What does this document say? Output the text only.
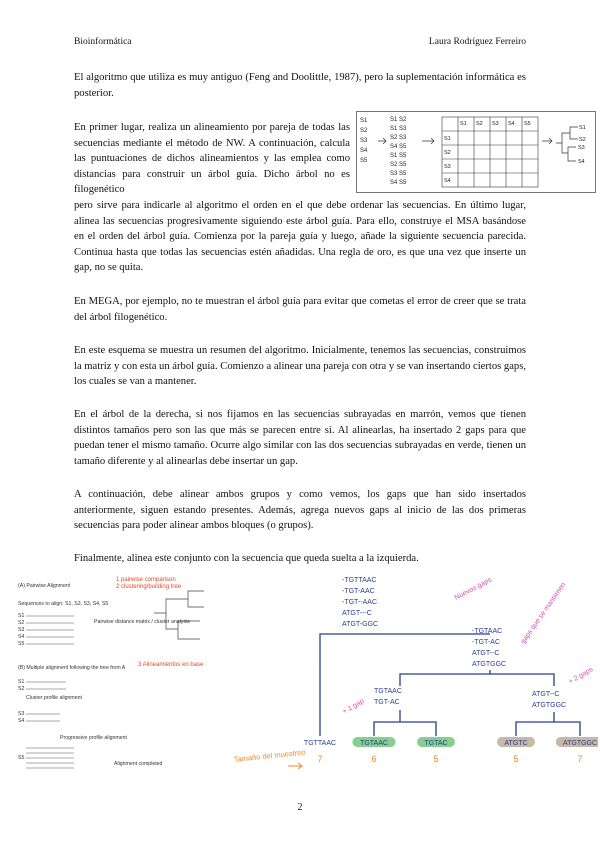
Bioinformática	Laura Rodríguez Ferreiro

El algoritmo que utiliza es muy antiguo (Feng and Doolittle, 1987), pero la suplementación informática es posterior.

En primer lugar, realiza un alineamiento por pareja de todas las secuencias mediante el método de NW. A continuación, calcula las puntuaciones de dichos alineamientos y las emplea como distancias para construir un árbol guía. Dicho árbol no es filogenético

pero sirve para indicarle al algoritmo el orden en el que debe ordenar las secuencias. En último lugar, alinea las secuencias progresivamente siguiendo este árbol guía. Para ello, construye el MSA basándose en el orden del árbol guía. Comienza por la pareja guía y luego, añade la siguiente secuencia parecida. Continua hasta que todas las secuencias estén añadidas. Una regla de oro, es que una vez que inserte un gap, no se quita.

En MEGA, por ejemplo, no te muestran el árbol guía para evitar que cometas el error de creer que se trata del árbol filogenético.

En este esquema se muestra un resumen del algoritmo. Inicialmente, tenemos las secuencias, construimos la matriz y con esta un árbol guía. Comienzo a alinear una pareja con otra y se van insertando ciertos gaps, los cuales se van a mantener.

En el árbol de la derecha, si nos fijamos en las secuencias subrayadas en marrón, vemos que tienen distintos tamaños pero son las que más se parecen entre sí. Al alinearlas, ha insertado 2 gaps para que puedan tener el mismo tamaño. Ocurre algo similar con las dos secuencias subrayadas en verde, tienen un tamaño diferente y al alinearlas debe insertar un gap.

A continuación, debe alinear ambos grupos y como vemos, los gaps que han sido insertados anteriormente, siguen estando presentes. Además, agrega nuevos gaps al inicio de las dos primeras secuencias para poder alinear ambos bloques (o grupos).

Finalmente, alinea este conjunto con la secuencia que queda suelta a la izquierda.

S1
S2
S3
S4
S5
S1 S2
S1 S3
S2 S3
S4 S5
S1 S5
S2 S5
S3 S5
S4 S5
S1 S2 S3 S4 S5
S1
S2
S3
S4
S1
S2
S3
S4
(A) Pairwise Alignment
Sequences to align: S1, S2, S3, S4, S5
S1
S2
S3
S4
S5
Pairwise distance matrix / cluster analysis
(B) Multiple alignment following the tree from A
Cluster profile alignment
S1
S2
S3
S4
S5
Progressive profile alignment
Alignment completed
1 pairwise comparison
2 clustering/building tree
3 Alineamientos en base
-TGTTAAC
-TGT-AAC
-TGT--AAC
ATGT---C
ATGT-GGC
-TGTAAC
-TGT-AC
ATGT--C
ATGTGGC
TGTAAC
TGT-AC
ATGT--C
ATGTGGC
TGTTAAC
7
TGTAAC
6
TGTAC
5
ATGTC
5
ATGTGGC
7
Nuevos gaps	gaps que se mantienen
+ 2 gaps
+ 1 gap
Tamaño del muestreo
2
